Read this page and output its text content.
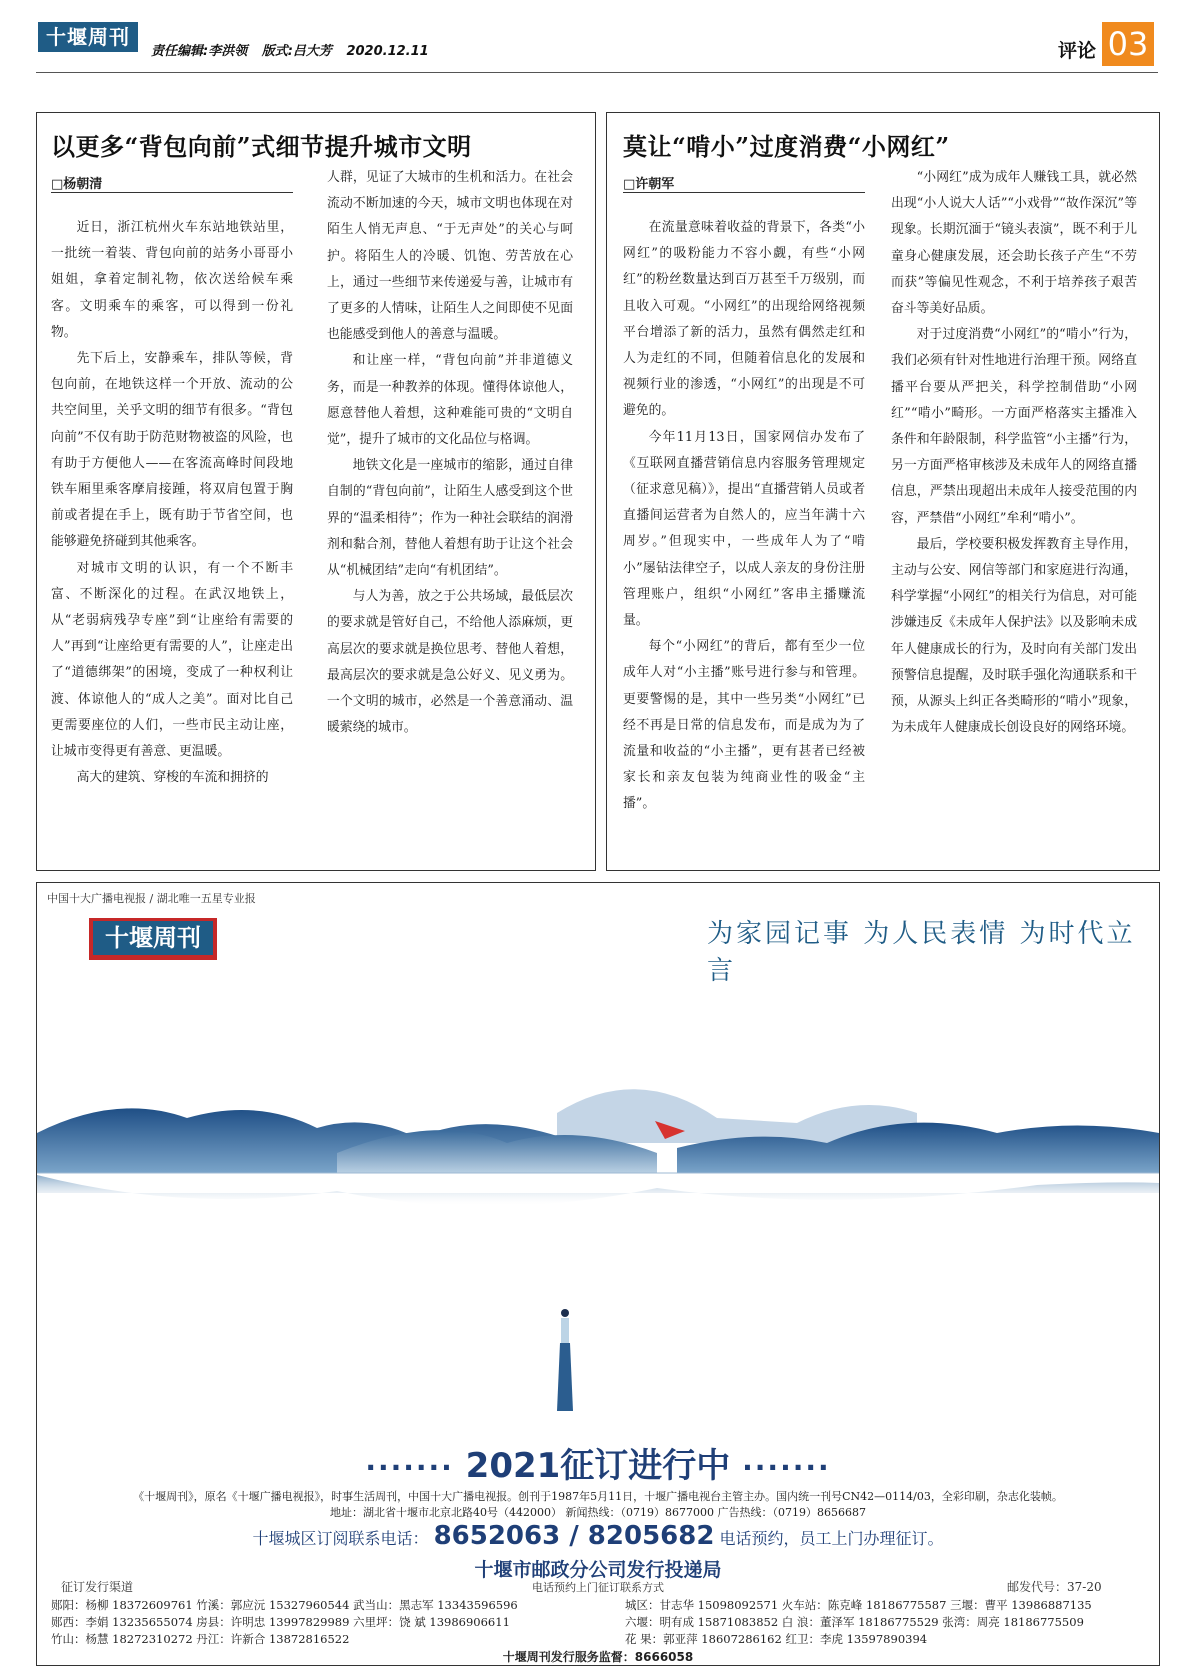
十堰周刊
责任编辑:李洪领 版式:吕大芳 2020.12.11	评论 03
以更多“背包向前”式细节提升城市文明
□杨朝清

近日，浙江杭州火车东站地铁站里，一批统一着装、背包向前的站务小哥哥小姐姐，拿着定制礼物，依次送给候车乘客。文明乘车的乘客，可以得到一份礼物。

先下后上，安静乘车，排队等候，背包向前，在地铁这样一个开放、流动的公共空间里，关乎文明的细节有很多。“背包向前”不仅有助于防范财物被盗的风险，也有助于方便他人——在客流高峰时间段地铁车厢里乘客摩肩接踵，将双肩包置于胸前或者提在手上，既有助于节省空间，也能够避免挤碰到其他乘客。

对城市文明的认识，有一个不断丰富、不断深化的过程。在武汉地铁上，从“老弱病残孕专座”到“让座给有需要的人”再到“让座给更有需要的人”，让座走出了“道德绑架”的困境，变成了一种权利让渡、体谅他人的“成人之美”。面对比自己更需要座位的人们，一些市民主动让座，让城市变得更有善意、更温暖。

高大的建筑、穿梭的车流和拥挤的

人群，见证了大城市的生机和活力。在社会流动不断加速的今天，城市文明也体现在对陌生人悄无声息、“于无声处”的关心与呵护。将陌生人的冷暖、饥饱、劳苦放在心上，通过一些细节来传递爱与善，让城市有了更多的人情味，让陌生人之间即使不见面也能感受到他人的善意与温暖。

和让座一样，“背包向前”并非道德义务，而是一种教养的体现。懂得体谅他人，愿意替他人着想，这种难能可贵的“文明自觉”，提升了城市的文化品位与格调。

地铁文化是一座城市的缩影，通过自律自制的“背包向前”，让陌生人感受到这个世界的“温柔相待”；作为一种社会联结的润滑剂和黏合剂，替他人着想有助于让这个社会从“机械团结”走向“有机团结”。

与人为善，放之于公共场域，最低层次的要求就是管好自己，不给他人添麻烦，更高层次的要求就是换位思考、替他人着想，最高层次的要求就是急公好义、见义勇为。一个文明的城市，必然是一个善意涌动、温暖萦绕的城市。

莫让“啃小”过度消费“小网红”
□许朝军

在流量意味着收益的背景下，各类“小网红”的吸粉能力不容小觑，有些“小网红”的粉丝数量达到百万甚至千万级别，而且收入可观。“小网红”的出现给网络视频平台增添了新的活力，虽然有偶然走红和人为走红的不同，但随着信息化的发展和视频行业的渗透，“小网红”的出现是不可避免的。

今年11月13日，国家网信办发布了《互联网直播营销信息内容服务管理规定（征求意见稿）》，提出“直播营销人员或者直播间运营者为自然人的，应当年满十六周岁。”但现实中，一些成年人为了“啃小”屡钻法律空子，以成人亲友的身份注册管理账户，组织“小网红”客串主播赚流量。

每个“小网红”的背后，都有至少一位成年人对“小主播”账号进行参与和管理。更要警惕的是，其中一些另类“小网红”已经不再是日常的信息发布，而是成为为了流量和收益的“小主播”，更有甚者已经被家长和亲友包装为纯商业性的吸金“主播”。

“小网红”成为成年人赚钱工具，就必然出现“小人说大人话”“小戏骨”“故作深沉”等现象。长期沉湎于“镜头表演”，既不利于儿童身心健康发展，还会助长孩子产生“不劳而获”等偏见性观念，不利于培养孩子艰苦奋斗等美好品质。

对于过度消费“小网红”的“啃小”行为，我们必须有针对性地进行治理干预。网络直播平台要从严把关，科学控制借助“小网红”“啃小”畸形。一方面严格落实主播准入条件和年龄限制，科学监管“小主播”行为，另一方面严格审核涉及未成年人的网络直播信息，严禁出现超出未成年人接受范围的内容，严禁借“小网红”牟利“啃小”。

最后，学校要积极发挥教育主导作用，主动与公安、网信等部门和家庭进行沟通，科学掌握“小网红”的相关行为信息，对可能涉嫌违反《未成年人保护法》以及影响未成年人健康成长的行为，及时向有关部门发出预警信息提醒，及时联手强化沟通联系和干预，从源头上纠正各类畸形的“啃小”现象，为未成年人健康成长创设良好的网络环境。

中国十大广播电视报 / 湖北唯一五星专业报
十堰周刊	为家园记事 为人民表情 为时代立言
······· 2021征订进行中 ·······
《十堰周刊》，原名《十堰广播电视报》，时事生活周刊，中国十大广播电视报。创刊于1987年5月11日，十堰广播电视台主管主办。国内统一刊号CN42—0114/03，全彩印刷，杂志化装帧。
地址：湖北省十堰市北京北路40号（442000） 新闻热线：（0719）8677000 广告热线：（0719）8656687
十堰城区订阅联系电话： 8652063 / 8205682 电话预约，员工上门办理征订。
十堰市邮政分公司发行投递局
电话预约上门征订联系方式
征订发行渠道	邮发代号：37-20
郧阳：杨柳 18372609761 竹溪：郭应沅 15327960544 武当山：黑志军 13343596596
郧西：李娟 13235655074 房县：许明忠 13997829989 六里坪：饶 斌 13986906611
竹山：杨慧 18272310272 丹江：许新合 13872816522
城区：甘志华 15098092571 火车站：陈克峰 18186775587 三堰：曹平 13986887135
六堰：明有成 15871083852 白 浪：董泽军 18186775529 张湾：周亮 18186775509
花 果：郭亚萍 18607286162 红卫：李虎 13597890394
十堰周刊发行服务监督：8666058
